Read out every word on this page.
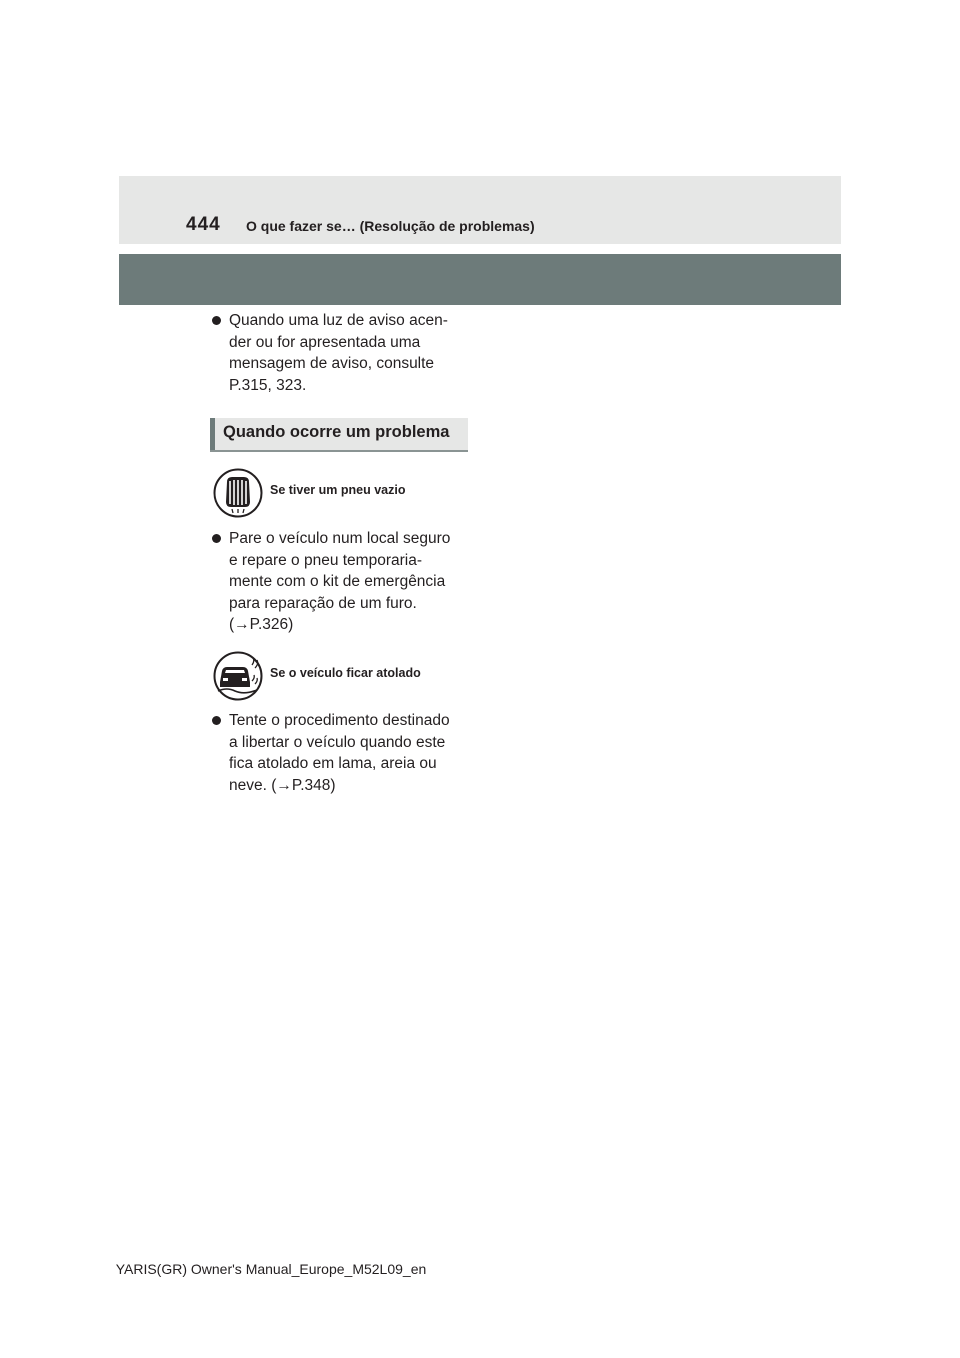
444 O que fazer se… (Resolução de problemas)
Quando uma luz de aviso acen-
der ou for apresentada uma
mensagem de aviso, consulte
P.315, 323.
Quando ocorre um problema
Se tiver um pneu vazio
Pare o veículo num local seguro
e repare o pneu temporaria-
mente com o kit de emergência
para reparação de um furo.
(→P.326)
Se o veículo ficar atolado
Tente o procedimento destinado
a libertar o veículo quando este
fica atolado em lama, areia ou
neve. (→P.348)
YARIS(GR) Owner's Manual_Europe_M52L09_en
